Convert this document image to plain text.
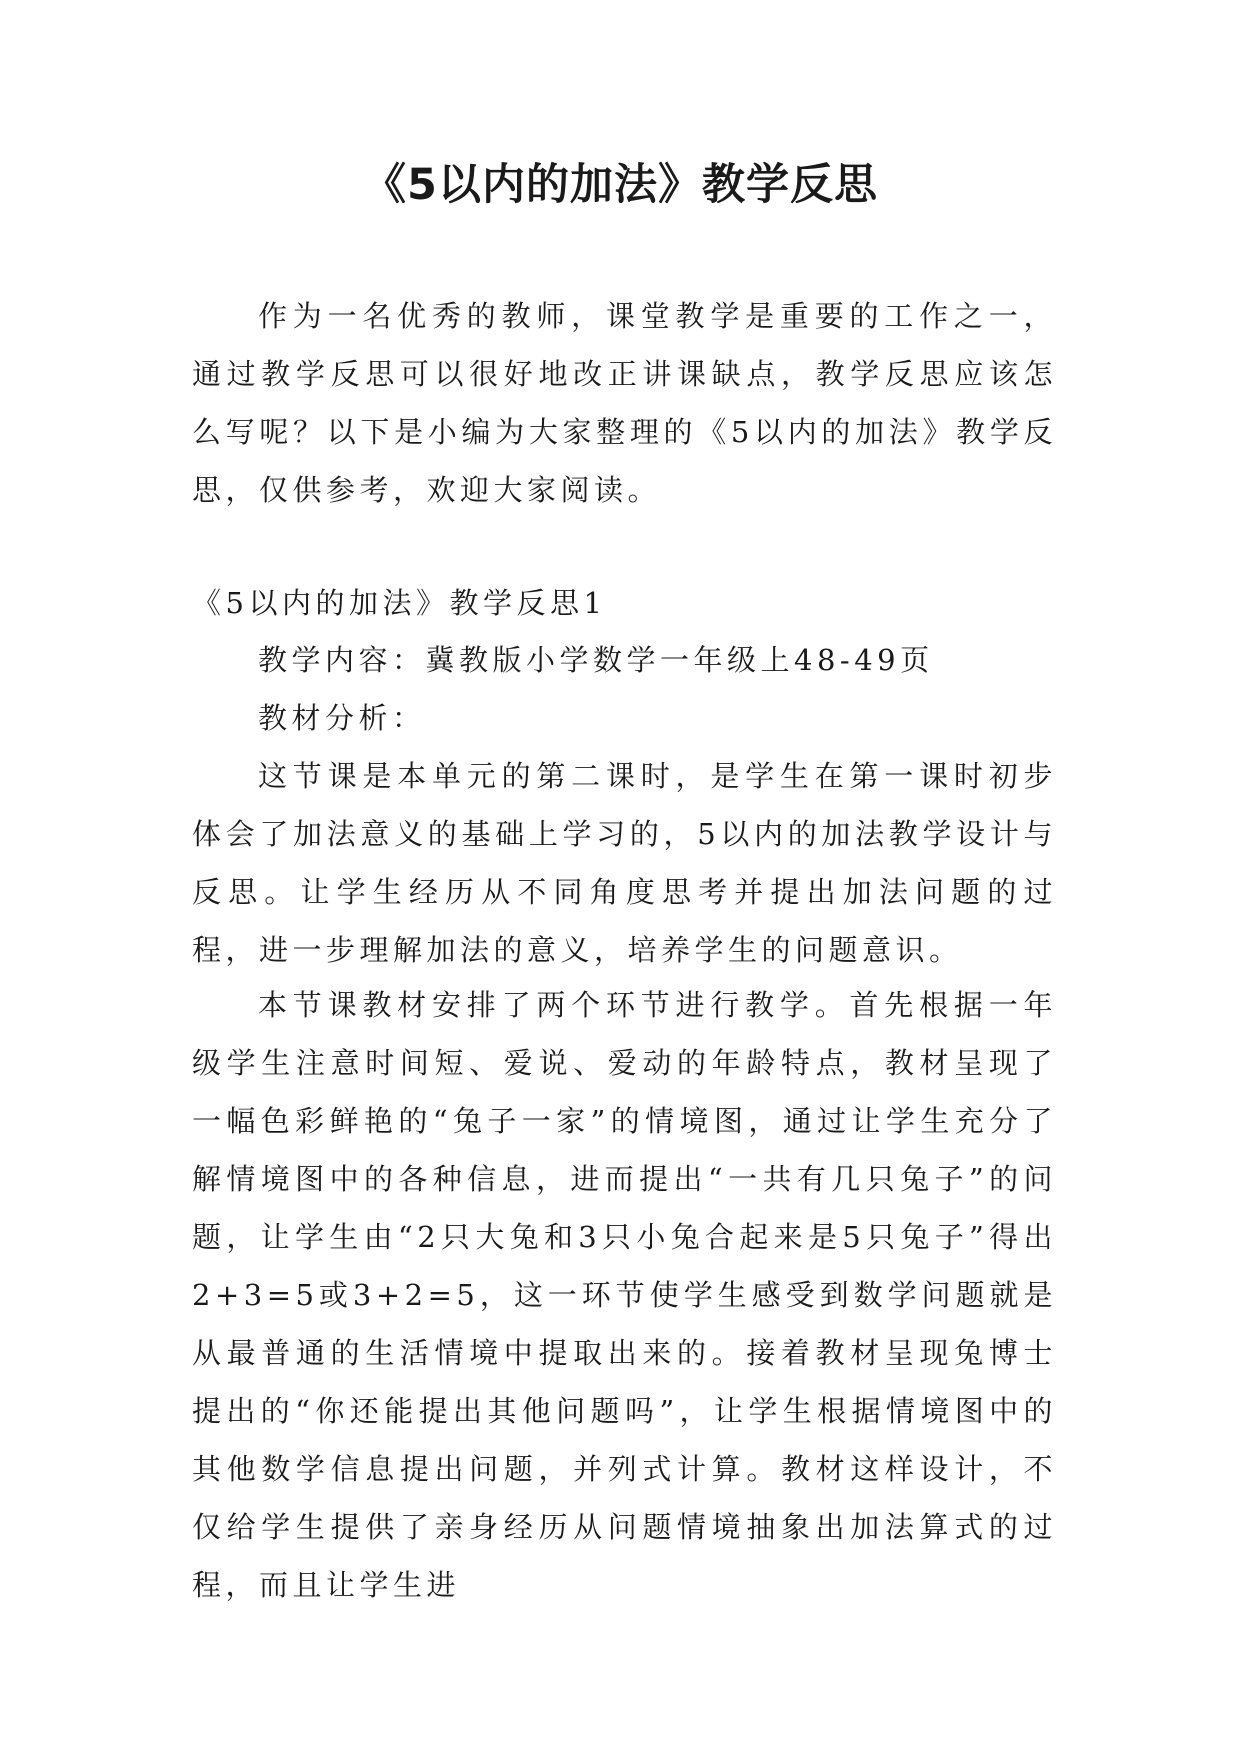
《5以内的加法》教学反思

作为一名优秀的教师，课堂教学是重要的工作之一，通过教学反思可以很好地改正讲课缺点，教学反思应该怎么写呢？以下是小编为大家整理的《5以内的加法》教学反思，仅供参考，欢迎大家阅读。

《5以内的加法》教学反思1

教学内容：冀教版小学数学一年级上48-49页

教材分析：

这节课是本单元的第二课时，是学生在第一课时初步体会了加法意义的基础上学习的，5以内的加法教学设计与反思。让学生经历从不同角度思考并提出加法问题的过程，进一步理解加法的意义，培养学生的问题意识。

本节课教材安排了两个环节进行教学。首先根据一年级学生注意时间短、爱说、爱动的年龄特点，教材呈现了一幅色彩鲜艳的“兔子一家”的情境图，通过让学生充分了解情境图中的各种信息，进而提出“一共有几只兔子”的问题，让学生由“2只大兔和3只小兔合起来是5只兔子”得出2+3=5或3+2=5，这一环节使学生感受到数学问题就是从最普通的生活情境中提取出来的。接着教材呈现兔博士提出的“你还能提出其他问题吗”，让学生根据情境图中的其他数学信息提出问题，并列式计算。教材这样设计，不仅给学生提供了亲身经历从问题情境抽象出加法算式的过程，而且让学生进
